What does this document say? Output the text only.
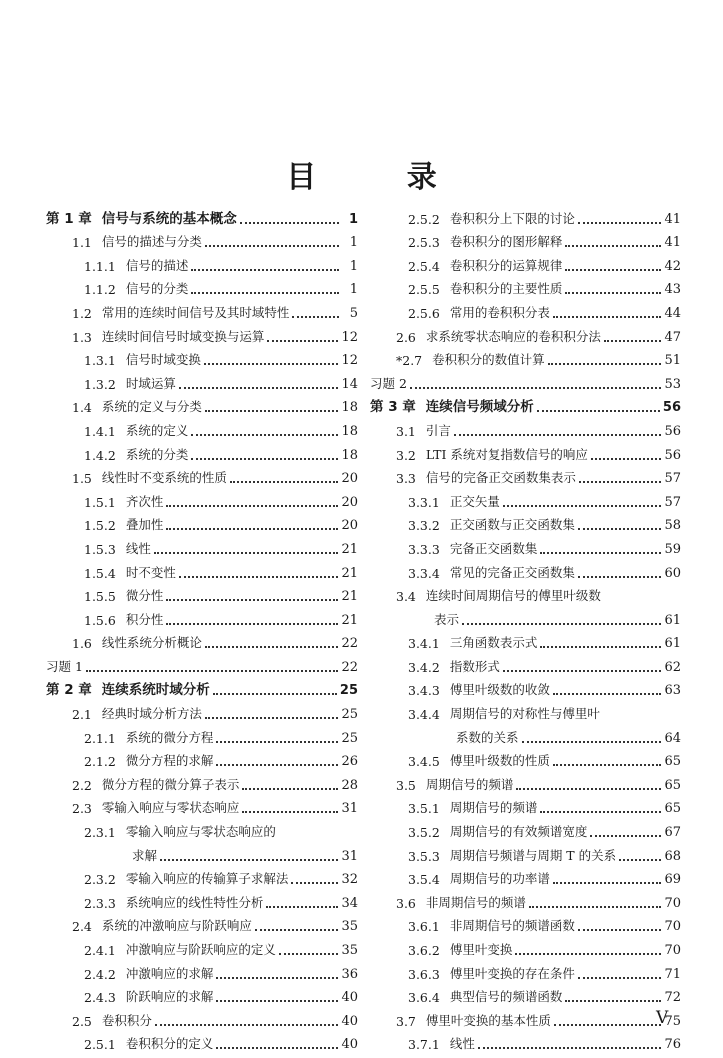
目 录
第 1 章 信号与系统的基本概念	1
1.1 信号的描述与分类	1
1.1.1 信号的描述	1
1.1.2 信号的分类	1
1.2 常用的连续时间信号及其时域特性	5
1.3 连续时间信号时域变换与运算	12
1.3.1 信号时域变换	12
1.3.2 时域运算	14
1.4 系统的定义与分类	18
1.4.1 系统的定义	18
1.4.2 系统的分类	18
1.5 线性时不变系统的性质	20
1.5.1 齐次性	20
1.5.2 叠加性	20
1.5.3 线性	21
1.5.4 时不变性	21
1.5.5 微分性	21
1.5.6 积分性	21
1.6 线性系统分析概论	22
习题 1	22
第 2 章 连续系统时域分析	25
2.1 经典时域分析方法	25
2.1.1 系统的微分方程	25
2.1.2 微分方程的求解	26
2.2 微分方程的微分算子表示	28
2.3 零输入响应与零状态响应	31
2.3.1 零输入响应与零状态响应的
求解	31
2.3.2 零输入响应的传输算子求解法	32
2.3.3 系统响应的线性特性分析	34
2.4 系统的冲激响应与阶跃响应	35
2.4.1 冲激响应与阶跃响应的定义	35
2.4.2 冲激响应的求解	36
2.4.3 阶跃响应的求解	40
2.5 卷积积分	40
2.5.1 卷积积分的定义	40
2.5.2 卷积积分上下限的讨论	41
2.5.3 卷积积分的图形解释	41
2.5.4 卷积积分的运算规律	42
2.5.5 卷积积分的主要性质	43
2.5.6 常用的卷积积分表	44
2.6 求系统零状态响应的卷积积分法	47
*2.7 卷积积分的数值计算	51
习题 2	53
第 3 章 连续信号频域分析	56
3.1 引言	56
3.2 LTI 系统对复指数信号的响应	56
3.3 信号的完备正交函数集表示	57
3.3.1 正交矢量	57
3.3.2 正交函数与正交函数集	58
3.3.3 完备正交函数集	59
3.3.4 常见的完备正交函数集	60
3.4 连续时间周期信号的傅里叶级数
表示	61
3.4.1 三角函数表示式	61
3.4.2 指数形式	62
3.4.3 傅里叶级数的收敛	63
3.4.4 周期信号的对称性与傅里叶
系数的关系	64
3.4.5 傅里叶级数的性质	65
3.5 周期信号的频谱	65
3.5.1 周期信号的频谱	65
3.5.2 周期信号的有效频谱宽度	67
3.5.3 周期信号频谱与周期 T 的关系	68
3.5.4 周期信号的功率谱	69
3.6 非周期信号的频谱	70
3.6.1 非周期信号的频谱函数	70
3.6.2 傅里叶变换	70
3.6.3 傅里叶变换的存在条件	71
3.6.4 典型信号的频谱函数	72
3.7 傅里叶变换的基本性质	75
3.7.1 线性	76
V
